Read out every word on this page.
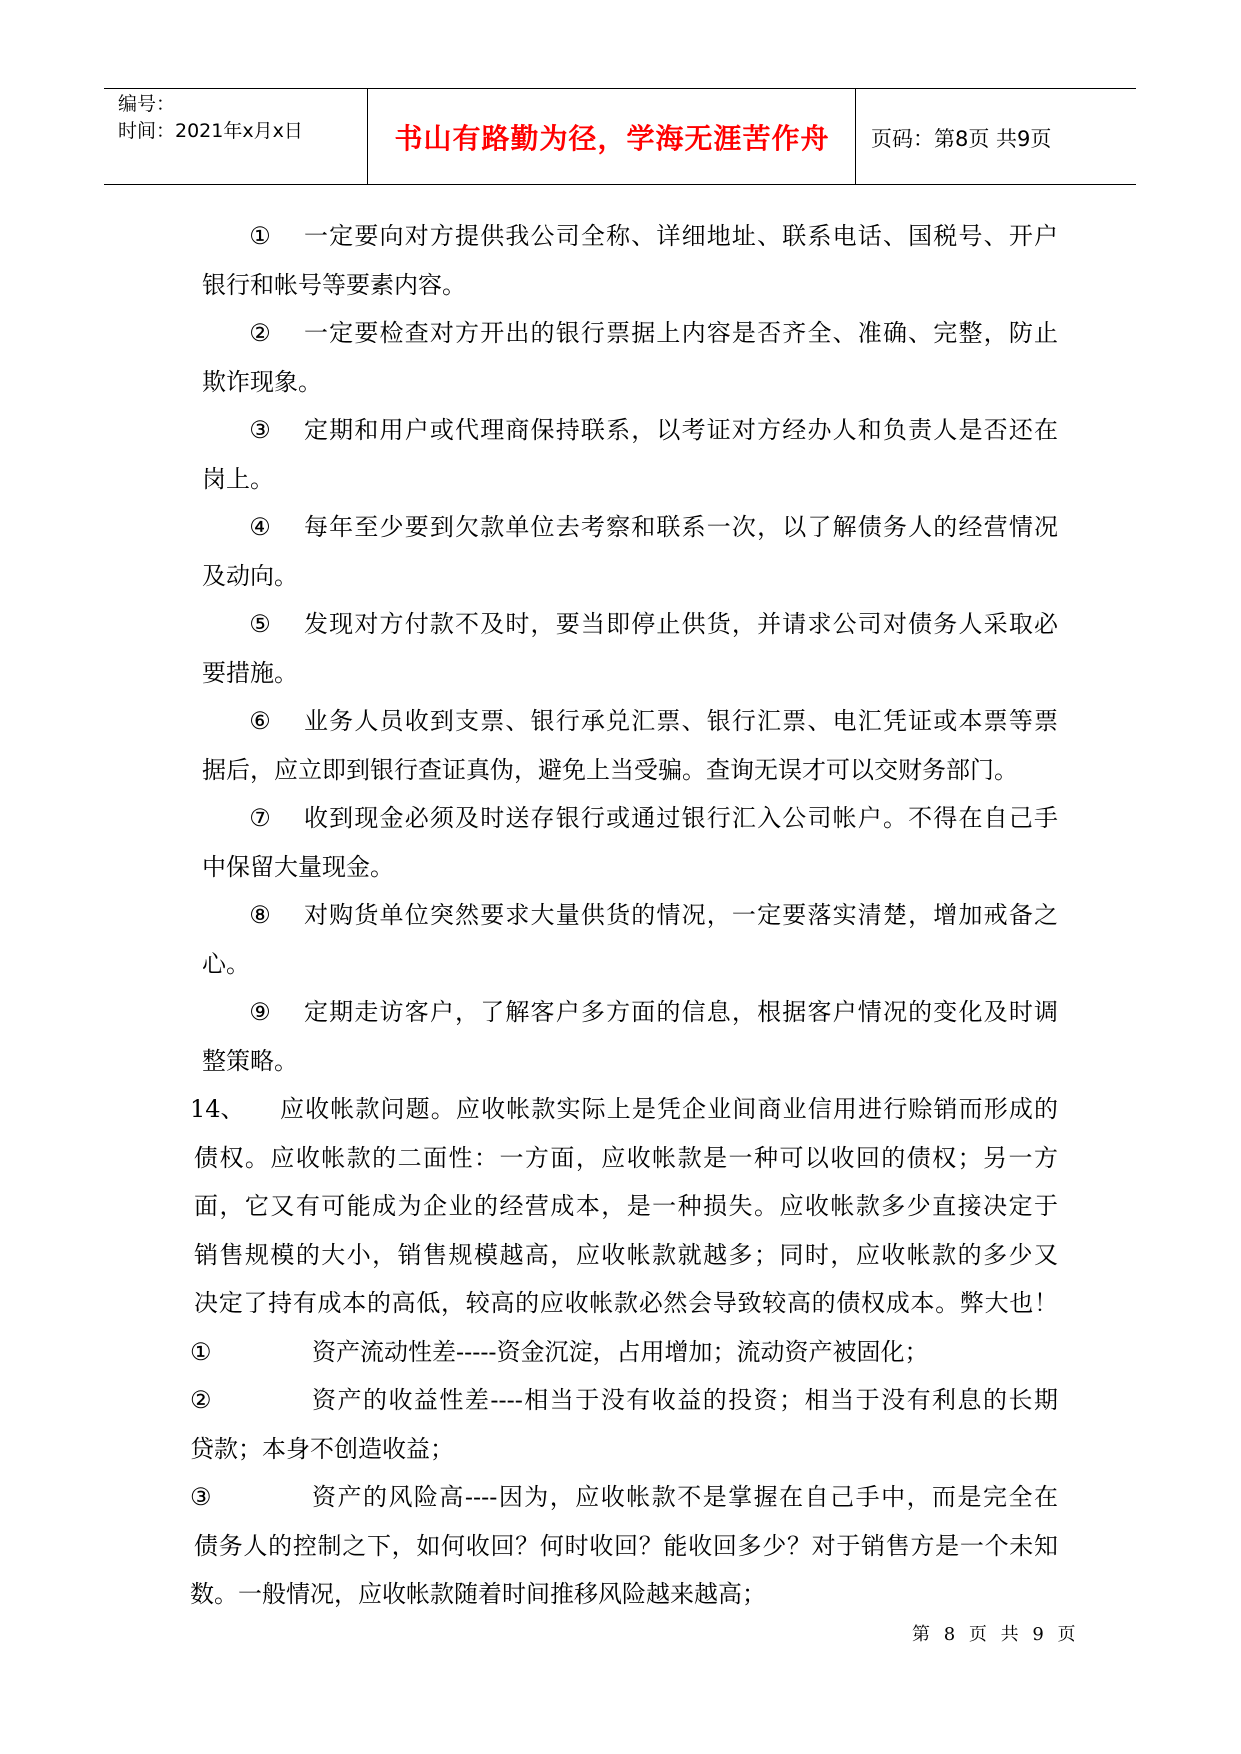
编号：
时间：2021年x月x日	书山有路勤为径，学海无涯苦作舟	页码：第8页 共9页
①	一定要向对方提供我公司全称、详细地址、联系电话、国税号、开户
银行和帐号等要素内容。
②	一定要检查对方开出的银行票据上内容是否齐全、准确、完整，防止
欺诈现象。
③	定期和用户或代理商保持联系，以考证对方经办人和负责人是否还在
岗上。
④	每年至少要到欠款单位去考察和联系一次，以了解债务人的经营情况
及动向。
⑤	发现对方付款不及时，要当即停止供货，并请求公司对债务人采取必
要措施。
⑥	业务人员收到支票、银行承兑汇票、银行汇票、电汇凭证或本票等票
据后，应立即到银行查证真伪，避免上当受骗。查询无误才可以交财务部门。
⑦	收到现金必须及时送存银行或通过银行汇入公司帐户。不得在自己手
中保留大量现金。
⑧	对购货单位突然要求大量供货的情况，一定要落实清楚，增加戒备之
心。
⑨	定期走访客户，了解客户多方面的信息，根据客户情况的变化及时调
整策略。
14、	应收帐款问题。应收帐款实际上是凭企业间商业信用进行赊销而形成的
债权。应收帐款的二面性：一方面，应收帐款是一种可以收回的债权；另一方
面，它又有可能成为企业的经营成本，是一种损失。应收帐款多少直接决定于
销售规模的大小，销售规模越高，应收帐款就越多；同时，应收帐款的多少又
决定了持有成本的高低，较高的应收帐款必然会导致较高的债权成本。弊大也！
①	资产流动性差-----资金沉淀，占用增加；流动资产被固化；
②	资产的收益性差----相当于没有收益的投资；相当于没有利息的长期
贷款；本身不创造收益；
③	资产的风险高----因为，应收帐款不是掌握在自己手中，而是完全在
债务人的控制之下，如何收回？何时收回？能收回多少？对于销售方是一个未知
数。一般情况，应收帐款随着时间推移风险越来越高；
第 8 页 共 9 页
